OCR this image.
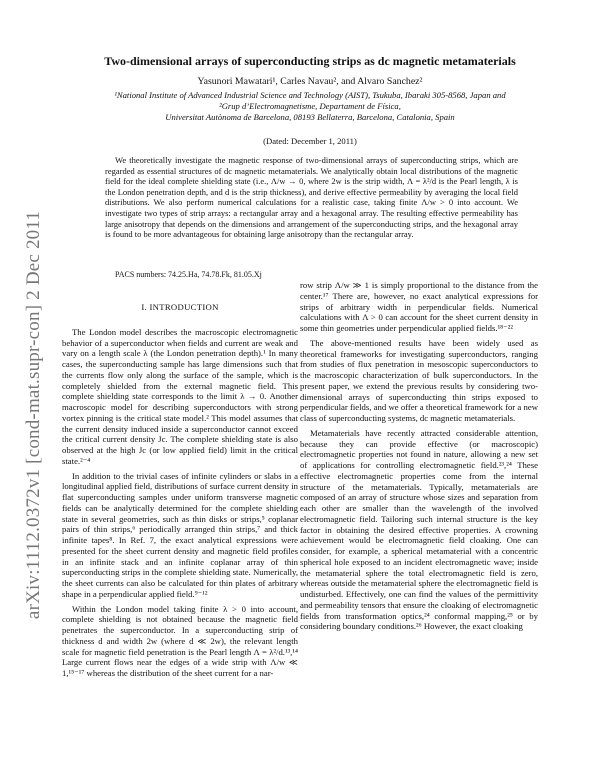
arXiv:1112.0372v1 [cond-mat.supr-con] 2 Dec 2011
Two-dimensional arrays of superconducting strips as dc magnetic metamaterials
Yasunori Mawatari¹, Carles Navau², and Alvaro Sanchez²
¹National Institute of Advanced Industrial Science and Technology (AIST), Tsukuba, Ibaraki 305-8568, Japan and
²Grup d’Electromagnetisme, Departament de Física,
Universitat Autònoma de Barcelona, 08193 Bellaterra, Barcelona, Catalonia, Spain
(Dated: December 1, 2011)

We theoretically investigate the magnetic response of two-dimensional arrays of superconducting strips, which are regarded as essential structures of dc magnetic metamaterials. We analytically obtain local distributions of the magnetic field for the ideal complete shielding state (i.e., Λ/w → 0, where 2w is the strip width, Λ = λ²/d is the Pearl length, λ is the London penetration depth, and d is the strip thickness), and derive effective permeability by averaging the local field distributions. We also perform numerical calculations for a realistic case, taking finite Λ/w > 0 into account. We investigate two types of strip arrays: a rectangular array and a hexagonal array. The resulting effective permeability has large anisotropy that depends on the dimensions and arrangement of the superconducting strips, and the hexagonal array is found to be more advantageous for obtaining large anisotropy than the rectangular array.

PACS numbers: 74.25.Ha, 74.78.Fk, 81.05.Xj
I. INTRODUCTION

The London model describes the macroscopic electromagnetic behavior of a superconductor when fields and current are weak and vary on a length scale λ (the London penetration depth).¹ In many cases, the superconducting sample has large dimensions such that the currents flow only along the surface of the sample, which is completely shielded from the external magnetic field. This complete shielding state corresponds to the limit λ → 0. Another macroscopic model for describing superconductors with strong vortex pinning is the critical state model.² This model assumes that the current density induced inside a superconductor cannot exceed the critical current density Jc. The complete shielding state is also observed at the high Jc (or low applied field) limit in the critical state.²⁻⁴

In addition to the trivial cases of infinite cylinders or slabs in a longitudinal applied field, distributions of surface current density in flat superconducting samples under uniform transverse magnetic fields can be analytically determined for the complete shielding state in several geometries, such as thin disks or strips,⁵ coplanar pairs of thin strips,⁶ periodically arranged thin strips,⁷ and thick infinite tapes⁸. In Ref. 7, the exact analytical expressions were presented for the sheet current density and magnetic field profiles in an infinite stack and an infinite coplanar array of thin superconducting strips in the complete shielding state. Numerically, the sheet currents can also be calculated for thin plates of arbitrary shape in a perpendicular applied field.⁹⁻¹²

Within the London model taking finite λ > 0 into account, complete shielding is not obtained because the magnetic field penetrates the superconductor. In a superconducting strip of thickness d and width 2w (where d ≪ 2w), the relevant length scale for magnetic field penetration is the Pearl length Λ = λ²/d.¹³,¹⁴ Large current flows near the edges of a wide strip with Λ/w ≪ 1,¹⁵⁻¹⁷ whereas the distribution of the sheet current for a nar-

row strip Λ/w ≫ 1 is simply proportional to the distance from the center.¹⁷ There are, however, no exact analytical expressions for strips of arbitrary width in perpendicular fields. Numerical calculations with Λ > 0 can account for the sheet current density in some thin geometries under perpendicular applied fields.¹⁸⁻²²

The above-mentioned results have been widely used as theoretical frameworks for investigating superconductors, ranging from studies of flux penetration in mesoscopic superconductors to the macroscopic characterization of bulk superconductors. In the present paper, we extend the previous results by considering two-dimensional arrays of superconducting thin strips exposed to perpendicular fields, and we offer a theoretical framework for a new class of superconducting systems, dc magnetic metamaterials.

Metamaterials have recently attracted considerable attention, because they can provide effective (or macroscopic) electromagnetic properties not found in nature, allowing a new set of applications for controlling electromagnetic field.²³,²⁴ These effective electromagnetic properties come from the internal structure of the metamaterials. Typically, metamaterials are composed of an array of structure whose sizes and separation from each other are smaller than the wavelength of the involved electromagnetic field. Tailoring such internal structure is the key factor in obtaining the desired effective properties. A crowning achievement would be electromagnetic field cloaking. One can consider, for example, a spherical metamaterial with a concentric spherical hole exposed to an incident electromagnetic wave; inside the metamaterial sphere the total electromagnetic field is zero, whereas outside the metamaterial sphere the electromagnetic field is undisturbed. Effectively, one can find the values of the permittivity and permeability tensors that ensure the cloaking of electromagnetic fields from transformation optics,²⁴ conformal mapping,²⁵ or by considering boundary conditions.²⁶ However, the exact cloaking
